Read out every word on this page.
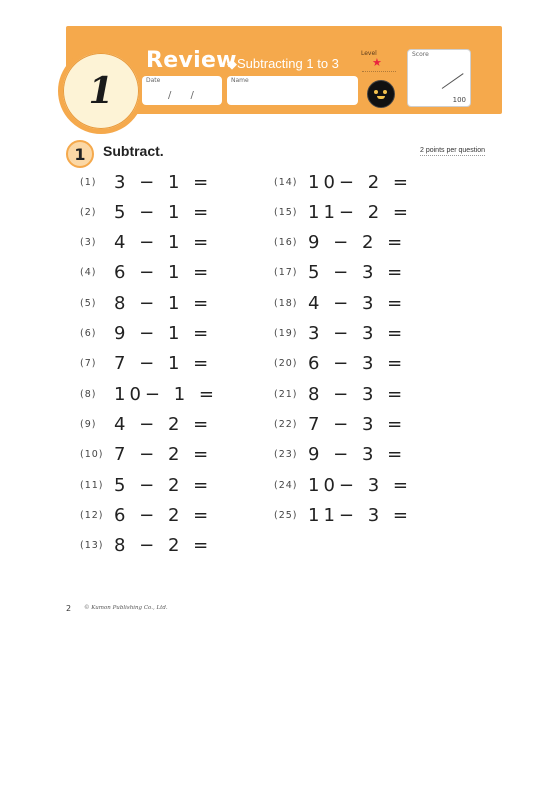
1
Review
◆Subtracting 1 to 3
Date
/ /
Name
Level
★
Score
100
1	Subtract.	2 points per question
(1) 3 − 1 =
(2) 5 − 1 =
(3) 4 − 1 =
(4) 6 − 1 =
(5) 8 − 1 =
(6) 9 − 1 =
(7) 7 − 1 =
(8) 10− 1 =
(9) 4 − 2 =
(10) 7 − 2 =
(11) 5 − 2 =
(12) 6 − 2 =
(13) 8 − 2 =
(14) 10− 2 =
(15) 11− 2 =
(16) 9 − 2 =
(17) 5 − 3 =
(18) 4 − 3 =
(19) 3 − 3 =
(20) 6 − 3 =
(21) 8 − 3 =
(22) 7 − 3 =
(23) 9 − 3 =
(24) 10− 3 =
(25) 11− 3 =
2 © Kumon Publishing Co., Ltd.
